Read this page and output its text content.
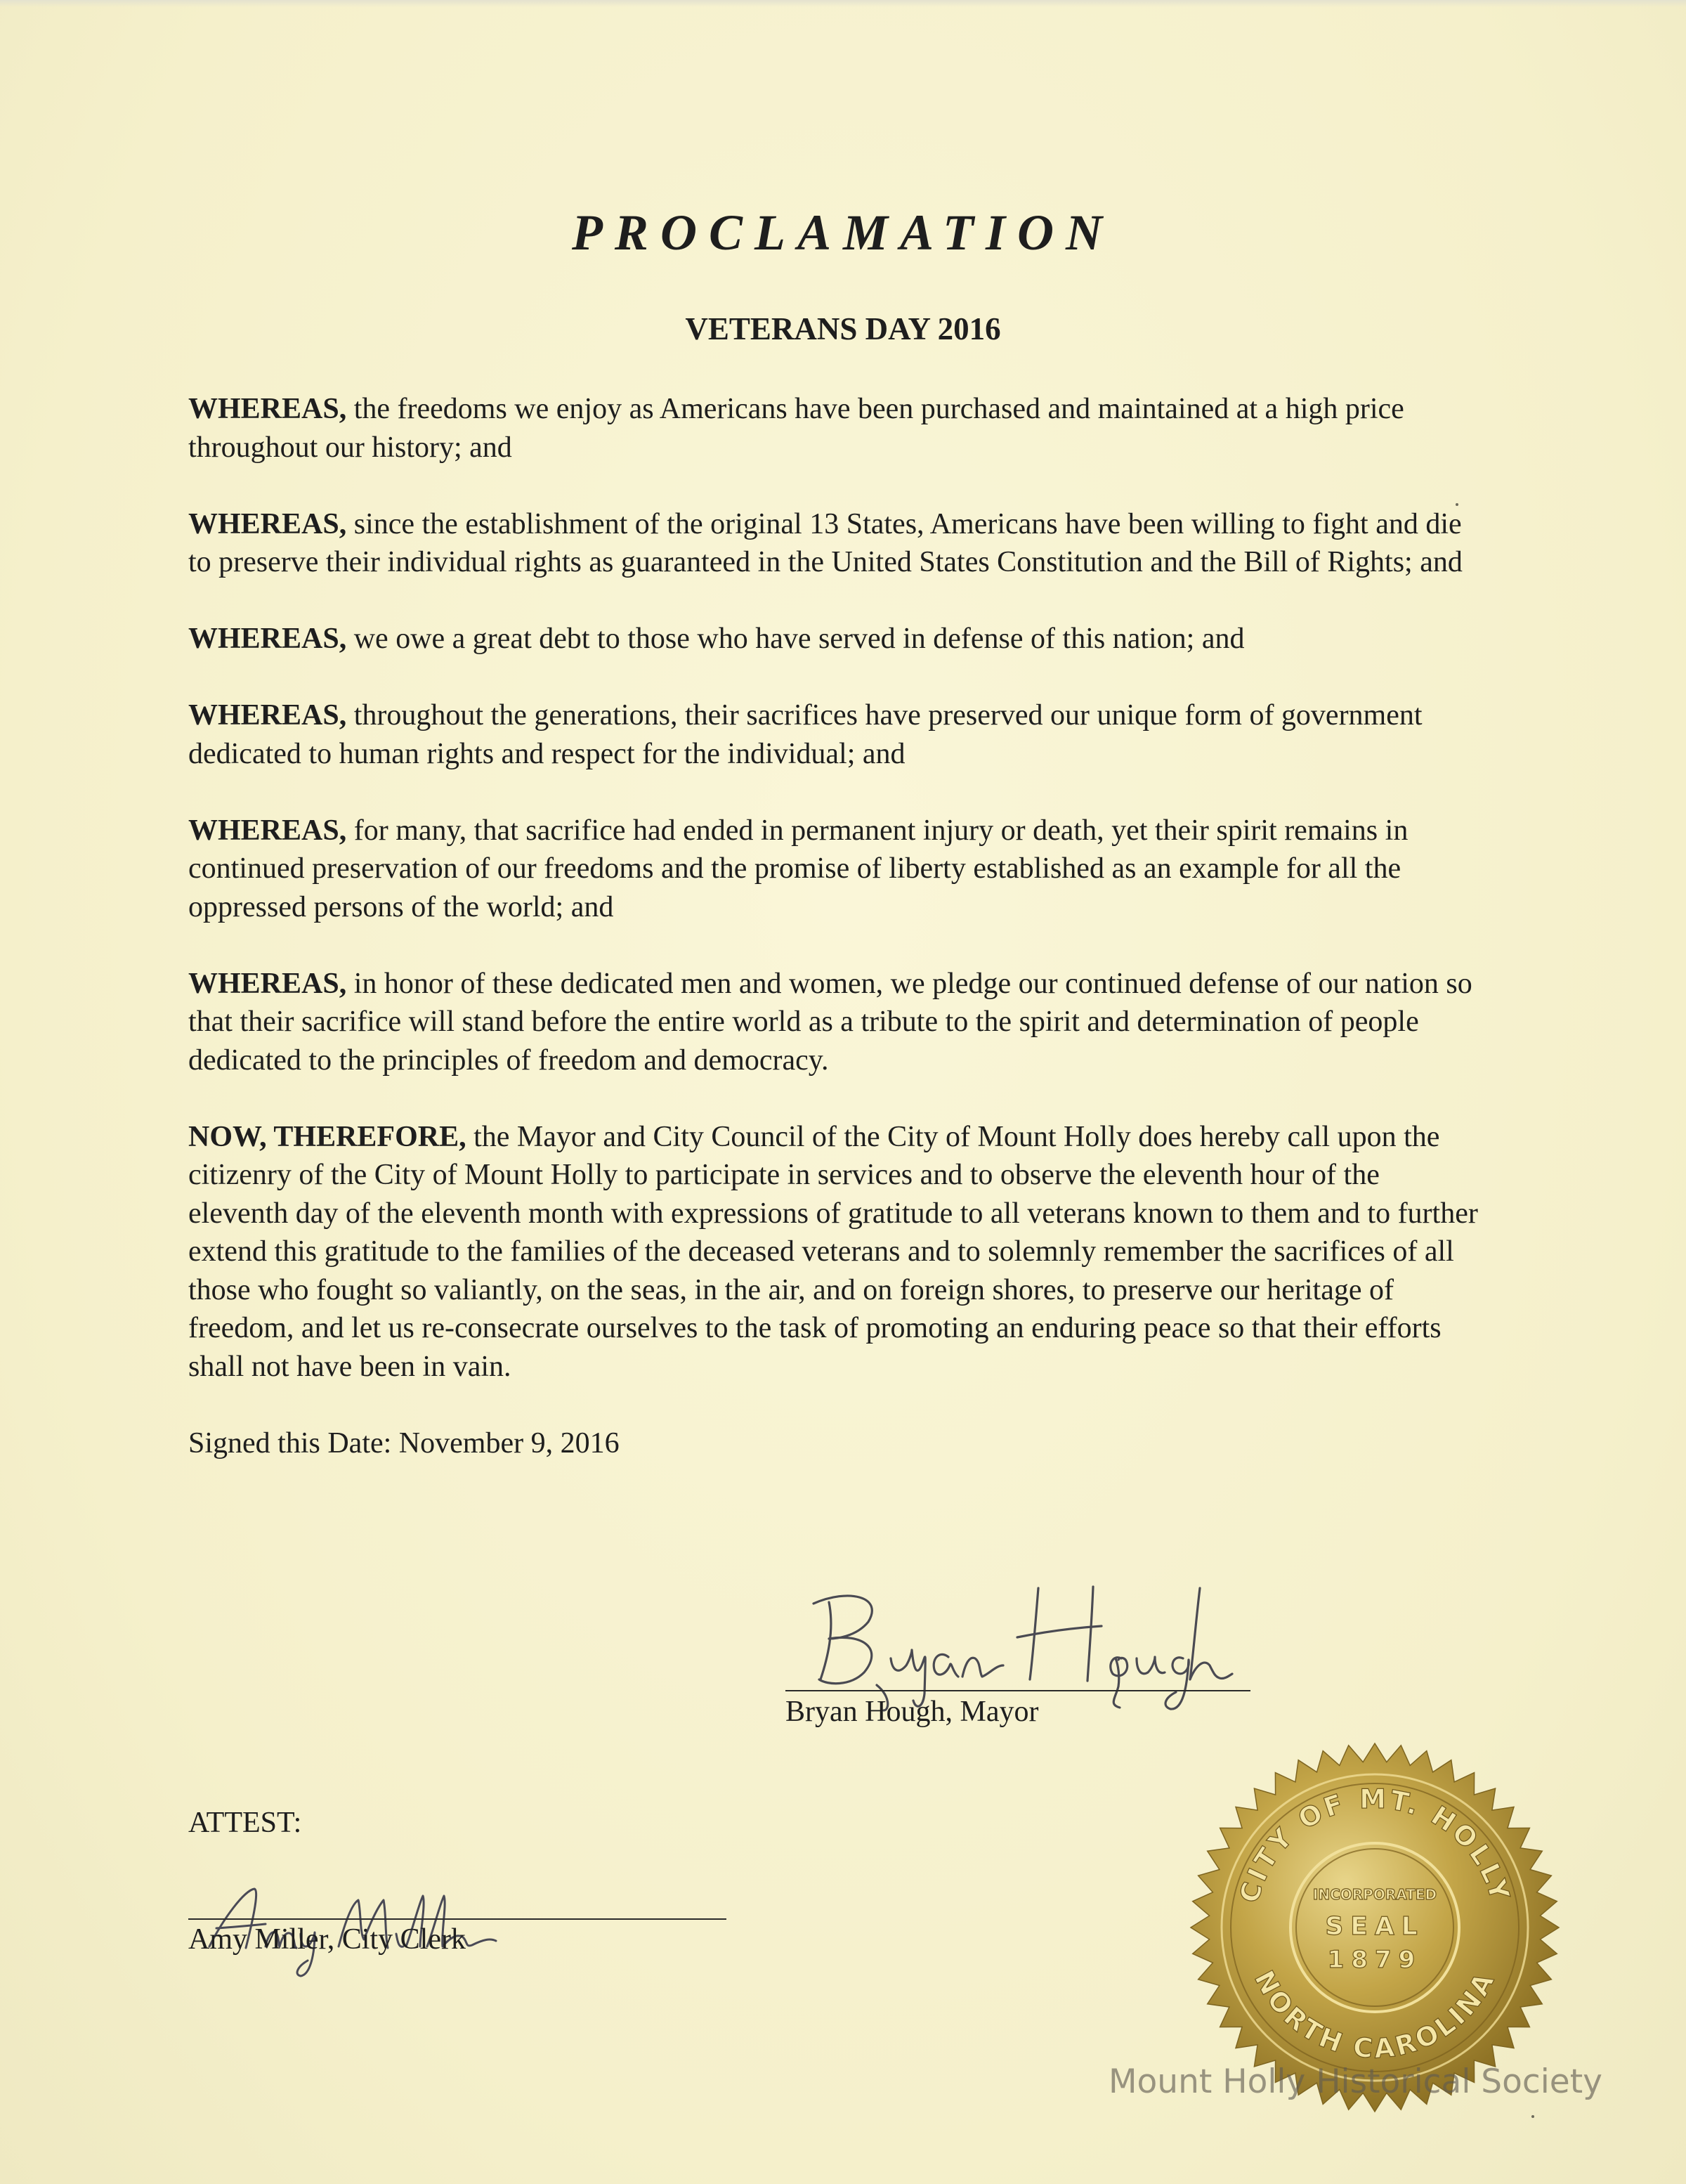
PROCLAMATION
VETERANS DAY 2016

WHEREAS, the freedoms we enjoy as Americans have been purchased and maintained at a high price throughout our history; and

WHEREAS, since the establishment of the original 13 States, Americans have been willing to fight and die to preserve their individual rights as guaranteed in the United States Constitution and the Bill of Rights; and

WHEREAS, we owe a great debt to those who have served in defense of this nation; and

WHEREAS, throughout the generations, their sacrifices have preserved our unique form of government dedicated to human rights and respect for the individual; and

WHEREAS, for many, that sacrifice had ended in permanent injury or death, yet their spirit remains in continued preservation of our freedoms and the promise of liberty established as an example for all the oppressed persons of the world; and

WHEREAS, in honor of these dedicated men and women, we pledge our continued defense of our nation so that their sacrifice will stand before the entire world as a tribute to the spirit and determination of people dedicated to the principles of freedom and democracy.

NOW, THEREFORE, the Mayor and City Council of the City of Mount Holly does hereby call upon the citizenry of the City of Mount Holly to participate in services and to observe the eleventh hour of the eleventh day of the eleventh month with expressions of gratitude to all veterans known to them and to further extend this gratitude to the families of the deceased veterans and to solemnly remember the sacrifices of all those who fought so valiantly, on the seas, in the air, and on foreign shores, to preserve our heritage of freedom, and let us re-consecrate ourselves to the task of promoting an enduring peace so that their efforts shall not have been in vain.

Signed this Date: November 9, 2016

Bryan Hough, Mayor
ATTEST:
Amy Miller, City Clerk
CITY OF MT. HOLLY
NORTH CAROLINA
INCORPORATED
SEAL
1879
Mount Holly Historical Society
